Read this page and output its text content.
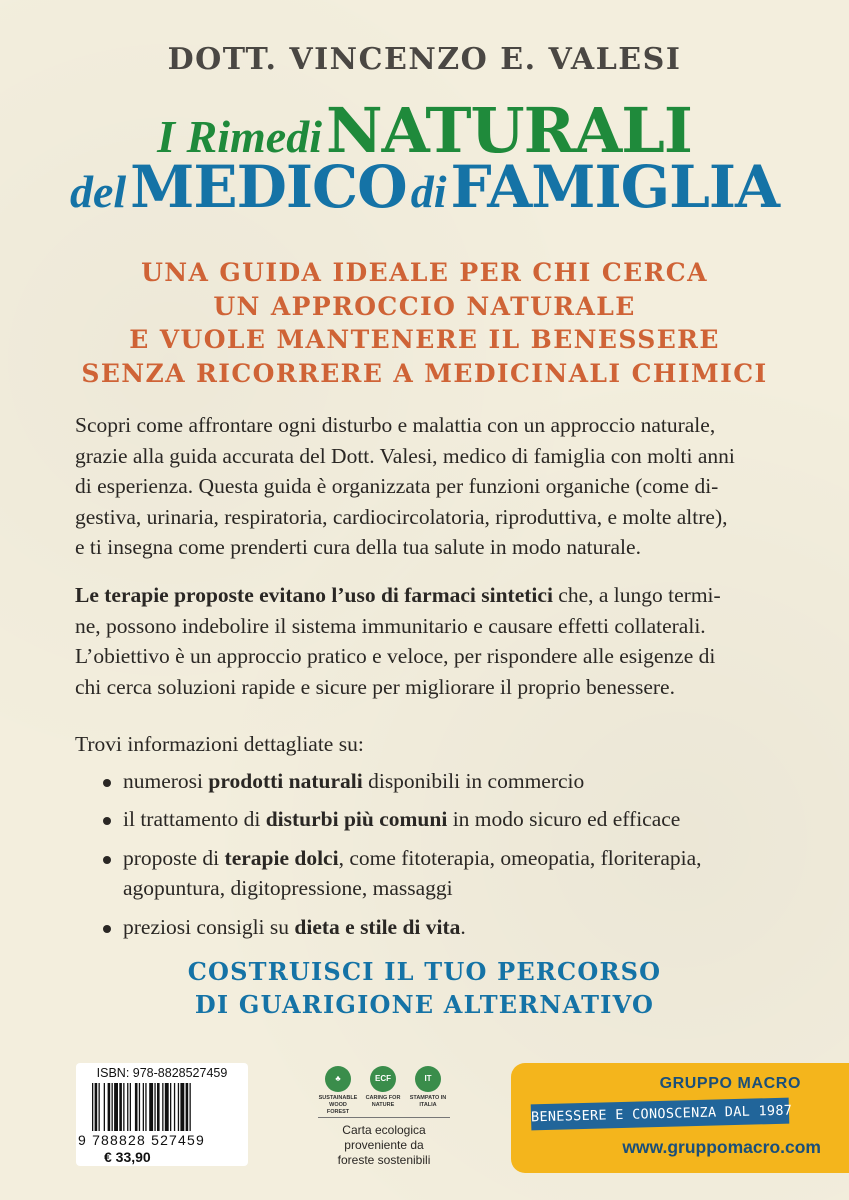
DOTT. VINCENZO E. VALESI
I Rimedi NATURALI
del MEDICO di FAMIGLIA
UNA GUIDA IDEALE PER CHI CERCA
UN APPROCCIO NATURALE
E VUOLE MANTENERE IL BENESSERE
SENZA RICORRERE A MEDICINALI CHIMICI
Scopri come affrontare ogni disturbo e malattia con un approccio naturale,
grazie alla guida accurata del Dott. Valesi, medico di famiglia con molti anni
di esperienza. Questa guida è organizzata per funzioni organiche (come di-
gestiva, urinaria, respiratoria, cardiocircolatoria, riproduttiva, e molte altre),
e ti insegna come prenderti cura della tua salute in modo naturale.
Le terapie proposte evitano l’uso di farmaci sintetici che, a lungo termi-
ne, possono indebolire il sistema immunitario e causare effetti collaterali.
L’obiettivo è un approccio pratico e veloce, per rispondere alle esigenze di
chi cerca soluzioni rapide e sicure per migliorare il proprio benessere.
Trovi informazioni dettagliate su:
numerosi prodotti naturali disponibili in commercio
il trattamento di disturbi più comuni in modo sicuro ed efficace
proposte di terapie dolci, come fitoterapia, omeopatia, floriterapia,
agopuntura, digitopressione, massaggi
preziosi consigli su dieta e stile di vita.
COSTRUISCI IL TUO PERCORSO
DI GUARIGIONE ALTERNATIVO
ISBN: 978-8828527459
9 788828 527459
€ 33,90
♣
SUSTAINABLE WOOD FOREST
ECF
CARING FOR NATURE
IT
STAMPATO IN ITALIA
Carta ecologica
proveniente da
foreste sostenibili
GRUPPO MACRO
BENESSERE E CONOSCENZA DAL 1987
www.gruppomacro.com
